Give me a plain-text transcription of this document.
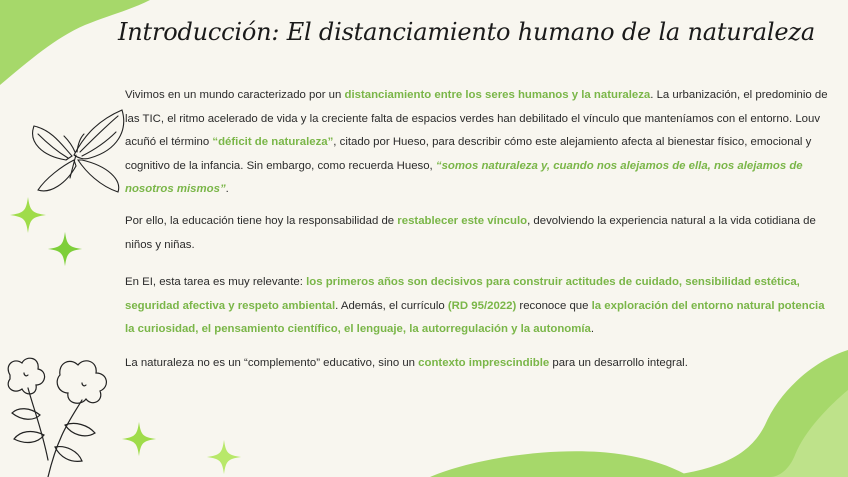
Introducción: El distanciamiento humano de la naturaleza

Vivimos en un mundo caracterizado por un distanciamiento entre los seres humanos y la naturaleza. La urbanización, el predominio de las TIC, el ritmo acelerado de vida y la creciente falta de espacios verdes han debilitado el vínculo que manteníamos con el entorno. Louv acuñó el término “déficit de naturaleza”, citado por Hueso, para describir cómo este alejamiento afecta al bienestar físico, emocional y cognitivo de la infancia. Sin embargo, como recuerda Hueso, “somos naturaleza y, cuando nos alejamos de ella, nos alejamos de nosotros mismos”.

Por ello, la educación tiene hoy la responsabilidad de restablecer este vínculo, devolviendo la experiencia natural a la vida cotidiana de niños y niñas.

En EI, esta tarea es muy relevante: los primeros años son decisivos para construir actitudes de cuidado, sensibilidad estética, seguridad afectiva y respeto ambiental. Además, el currículo (RD 95/2022) reconoce que la exploración del entorno natural potencia la curiosidad, el pensamiento científico, el lenguaje, la autorregulación y la autonomía.

La naturaleza no es un “complemento” educativo, sino un contexto imprescindible para un desarrollo integral.
